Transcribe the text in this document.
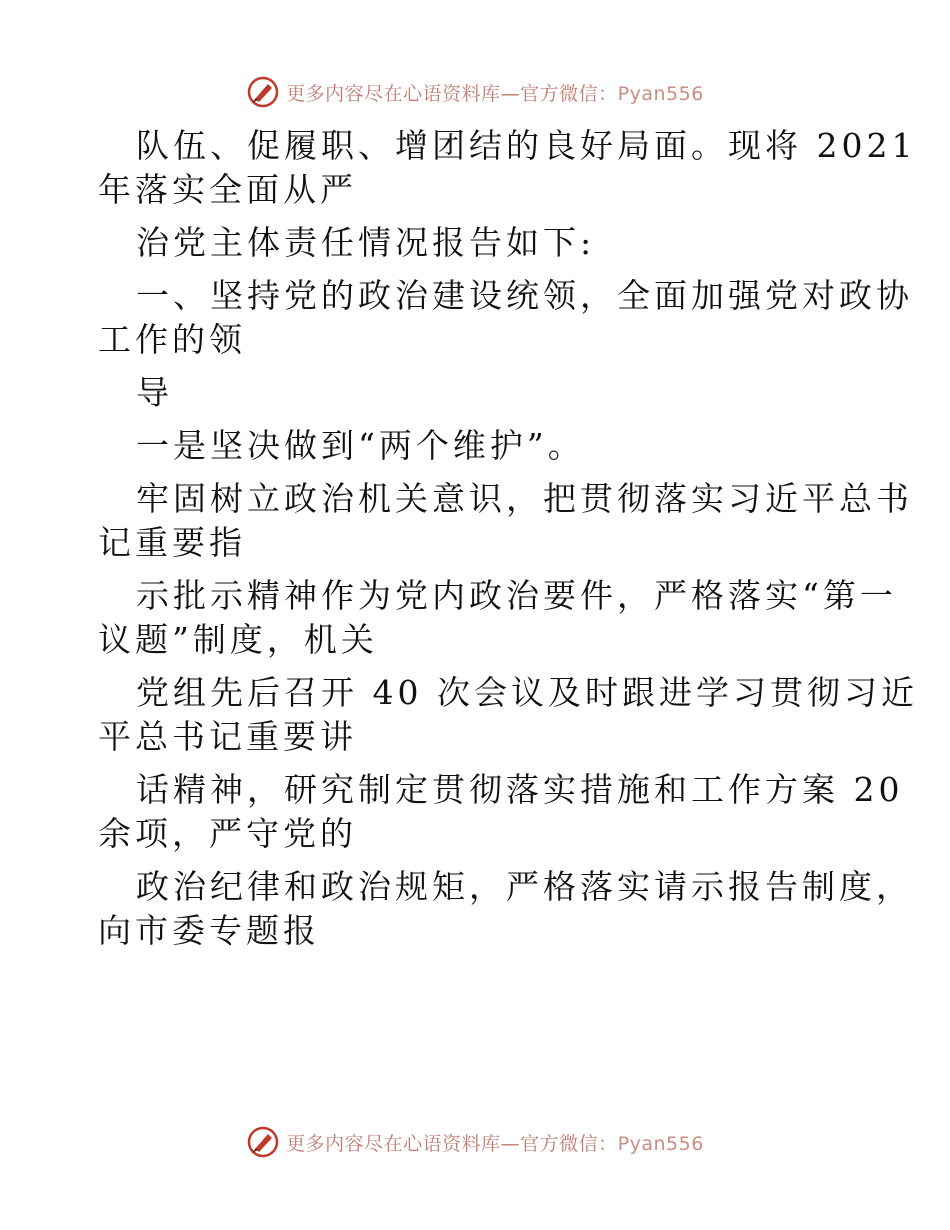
更多内容尽在心语资料库—官方微信：Pyan556

队伍、促履职、增团结的良好局面。现将 2021

年落实全面从严

治党主体责任情况报告如下:

一、坚持党的政治建设统领，全面加强党对政协

工作的领

导

一是坚决做到“两个维护”。

牢固树立政治机关意识，把贯彻落实习近平总书

记重要指

示批示精神作为党内政治要件，严格落实“第一

议题”制度，机关

党组先后召开 40 次会议及时跟进学习贯彻习近

平总书记重要讲

话精神，研究制定贯彻落实措施和工作方案 20

余项，严守党的

政治纪律和政治规矩，严格落实请示报告制度，

向市委专题报

更多内容尽在心语资料库—官方微信：Pyan556
